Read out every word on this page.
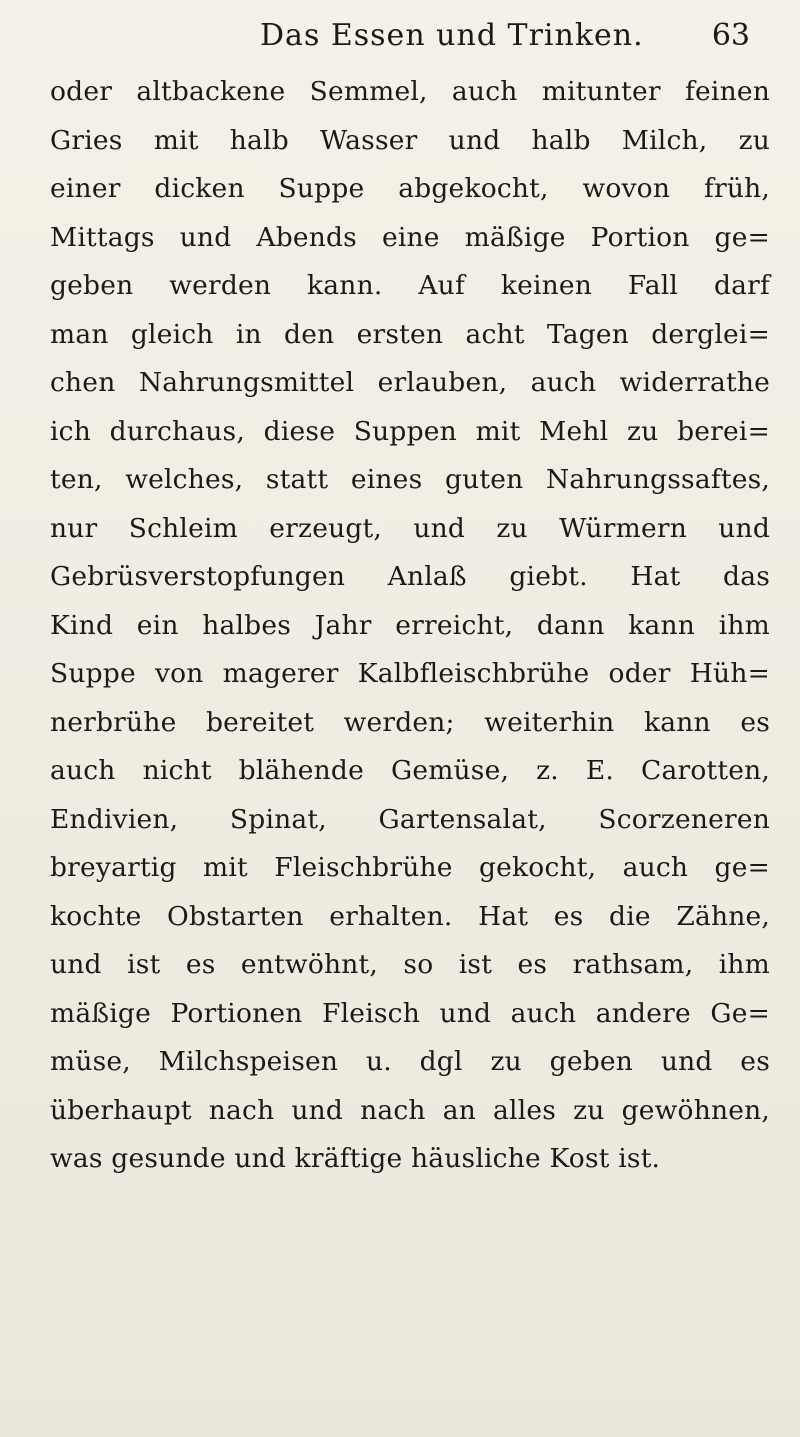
Das Essen und Trinken. 63
oder altbackene Semmel, auch mitunter feinen
Gries mit halb Wasser und halb Milch, zu
einer dicken Suppe abgekocht, wovon früh,
Mittags und Abends eine mäßige Portion ge=
geben werden kann. Auf keinen Fall darf
man gleich in den ersten acht Tagen derglei=
chen Nahrungsmittel erlauben, auch widerrathe
ich durchaus, diese Suppen mit Mehl zu berei=
ten, welches, statt eines guten Nahrungssaftes,
nur Schleim erzeugt, und zu Würmern und
Gebrüsverstopfungen Anlaß giebt. Hat das
Kind ein halbes Jahr erreicht, dann kann ihm
Suppe von magerer Kalbfleischbrühe oder Hüh=
nerbrühe bereitet werden; weiterhin kann es
auch nicht blähende Gemüse, z. E. Carotten,
Endivien, Spinat, Gartensalat, Scorzeneren
breyartig mit Fleischbrühe gekocht, auch ge=
kochte Obstarten erhalten. Hat es die Zähne,
und ist es entwöhnt, so ist es rathsam, ihm
mäßige Portionen Fleisch und auch andere Ge=
müse, Milchspeisen u. dgl zu geben und es
überhaupt nach und nach an alles zu gewöhnen,
was gesunde und kräftige häusliche Kost ist.
